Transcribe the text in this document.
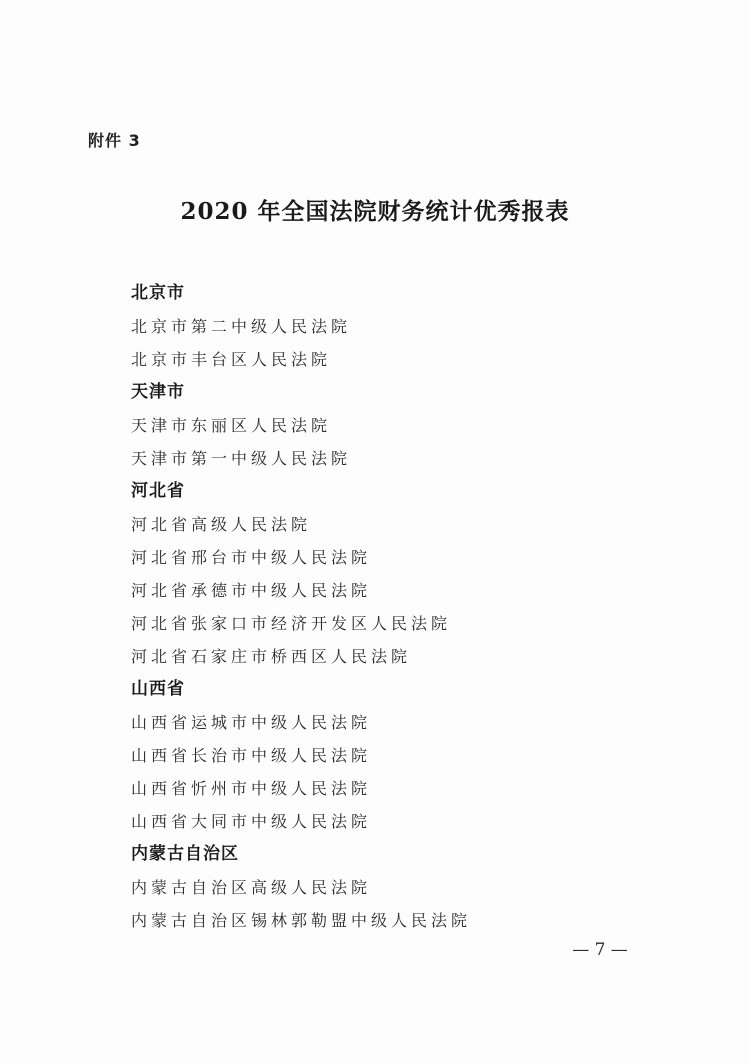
附件 3
2020 年全国法院财务统计优秀报表
北京市
北京市第二中级人民法院
北京市丰台区人民法院
天津市
天津市东丽区人民法院
天津市第一中级人民法院
河北省
河北省高级人民法院
河北省邢台市中级人民法院
河北省承德市中级人民法院
河北省张家口市经济开发区人民法院
河北省石家庄市桥西区人民法院
山西省
山西省运城市中级人民法院
山西省长治市中级人民法院
山西省忻州市中级人民法院
山西省大同市中级人民法院
内蒙古自治区
内蒙古自治区高级人民法院
内蒙古自治区锡林郭勒盟中级人民法院
— 7 —
